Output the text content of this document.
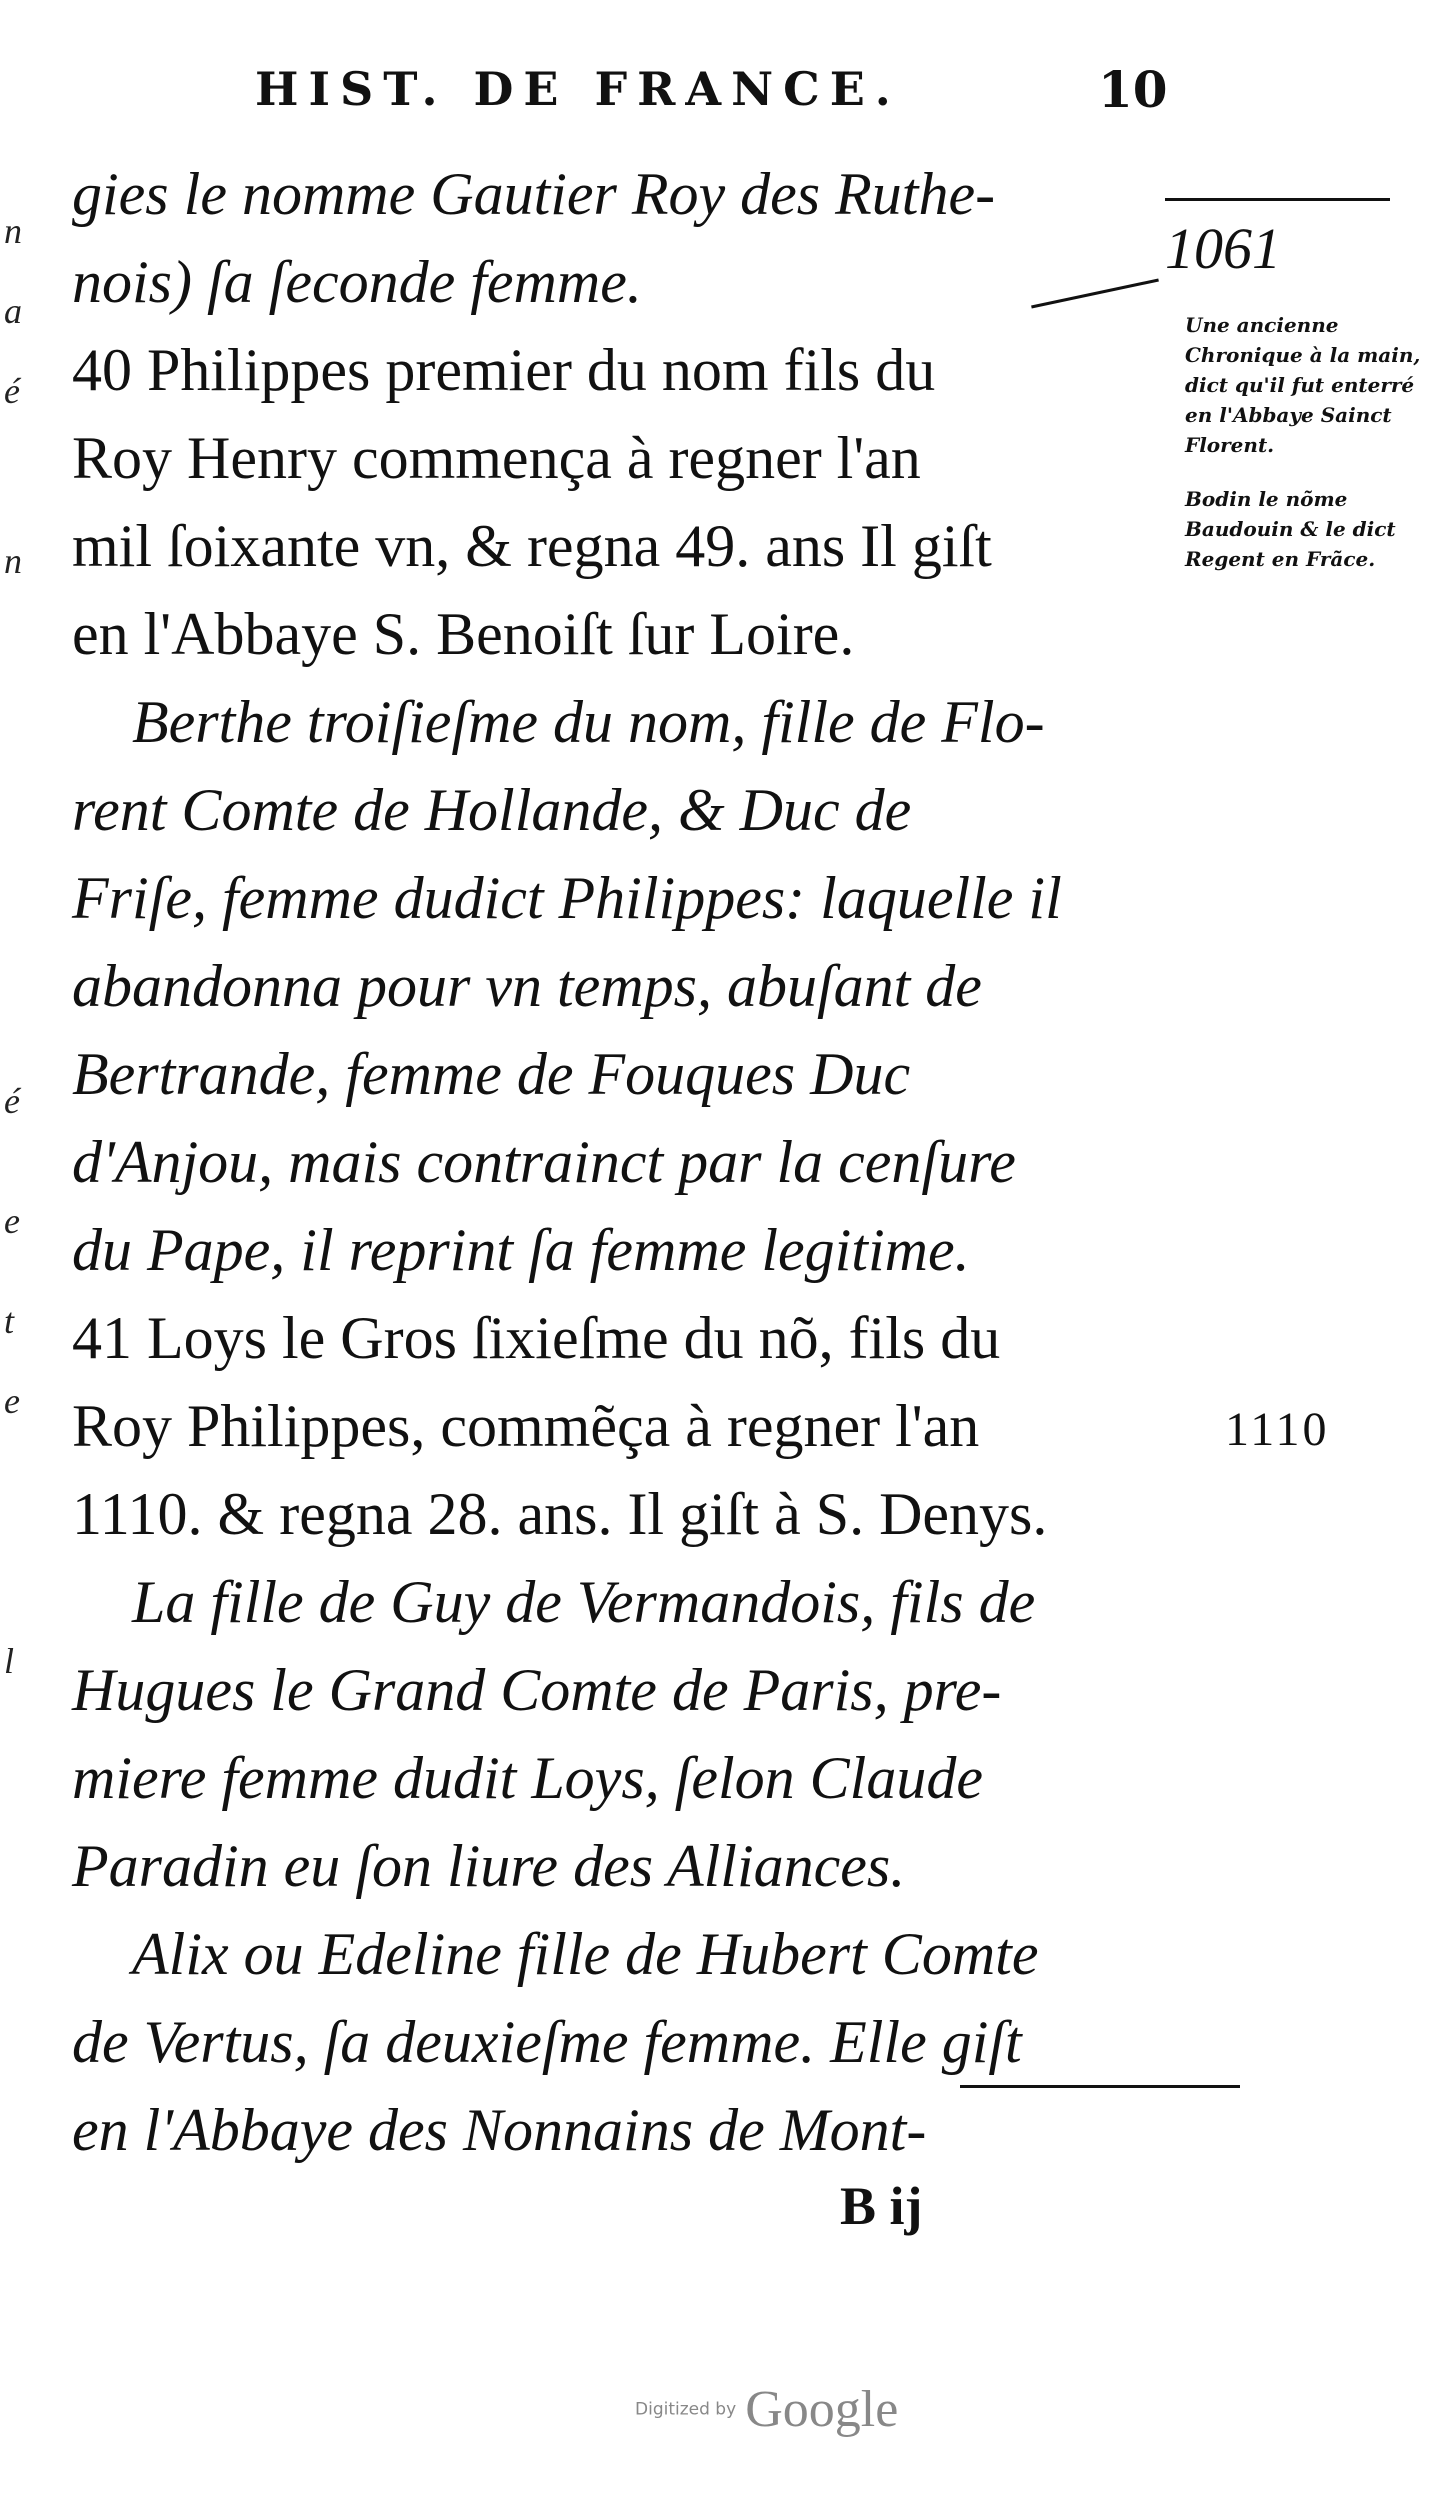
n
a
é
n
é
e
t
e
l
HIST. DE FRANCE.	10
gies le nomme Gautier Roy des Ruthe-
nois) ſa ſeconde femme.
40 Philippes premier du nom fils du
Roy Henry commença à regner l'an
mil ſoixante vn, & regna 49. ans Il giſt
en l'Abbaye S. Benoiſt ſur Loire.
Berthe troiſieſme du nom, fille de Flo-
rent Comte de Hollande, & Duc de
Friſe, femme dudict Philippes: laquelle il
abandonna pour vn temps, abuſant de
Bertrande, femme de Fouques Duc
d'Anjou, mais contrainct par la cenſure
du Pape, il reprint ſa femme legitime.
41 Loys le Gros ſixieſme du nõ, fils du
Roy Philippes, commẽça à regner l'an
1110. & regna 28. ans. Il giſt à S. Denys.
La fille de Guy de Vermandois, fils de
Hugues le Grand Comte de Paris, pre-
miere femme dudit Loys, ſelon Claude
Paradin eu ſon liure des Alliances.
Alix ou Edeline fille de Hubert Comte
de Vertus, ſa deuxieſme femme. Elle giſt
en l'Abbaye des Nonnains de Mont-
1061
1110
Une ancienne Chronique à la main, dict qu'il fut enterré en l'Abbaye Sainct Florent.
Bodin le nõme Baudouin & le dict Regent en Frãce.
B ij
Digitized by Google
